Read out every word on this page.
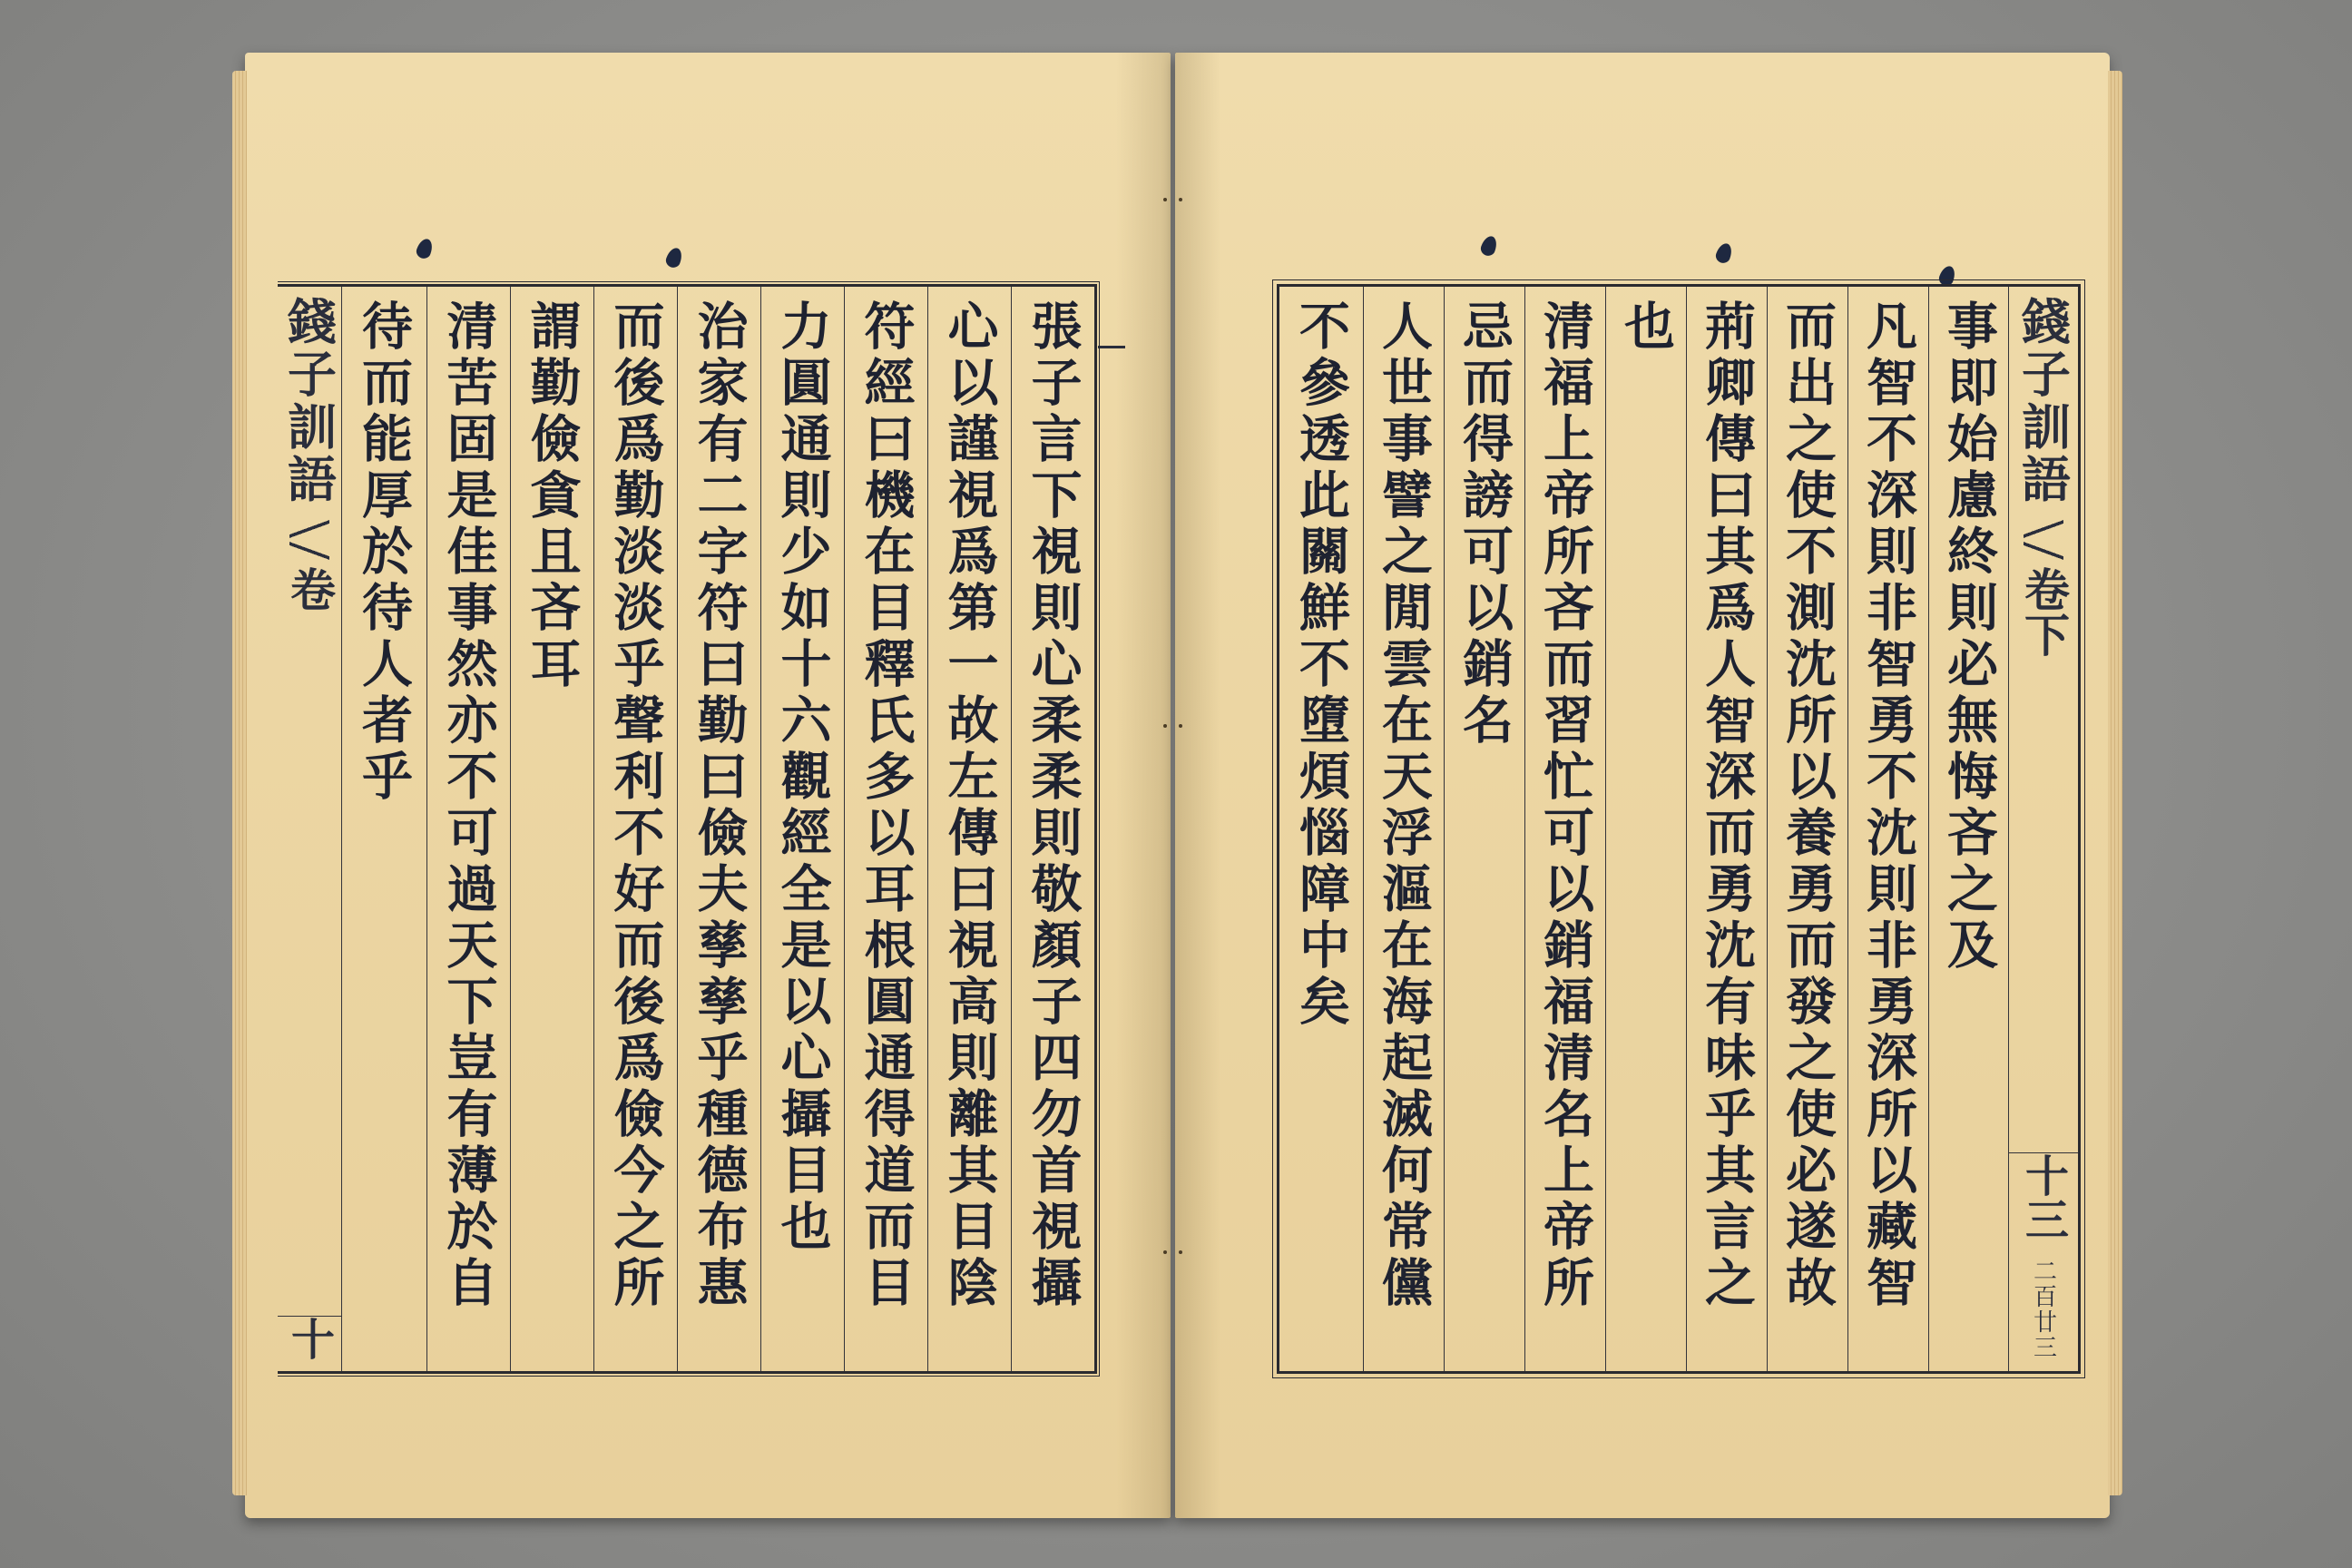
錢子訓語
卷
十
張子言下視則心柔柔則敬顏子四勿首視攝
心以謹視爲第一故左傳曰視高則離其目陰
符經曰機在目釋氏多以耳根圓通得道而目
力圓通則少如十六觀經全是以心攝目也
治家有二字符曰勤曰儉夫孳孳乎種德布惠
而後爲勤淡淡乎聲利不好而後爲儉今之所
謂勤儉貪且吝耳
清苦固是佳事然亦不可過天下豈有薄於自
待而能厚於待人者乎	事即始慮終則必無悔吝之及
凡智不深則非智勇不沈則非勇深所以藏智
而出之使不測沈所以養勇而發之使必遂故
荊卿傳曰其爲人智深而勇沈有味乎其言之
也
清福上帝所吝而習忙可以銷福清名上帝所
忌而得謗可以銷名
人世事譬之閒雲在天浮漚在海起滅何常儻
不參透此關鮮不墮煩惱障中矣	錢子訓語
卷下
十三
二百廿三
